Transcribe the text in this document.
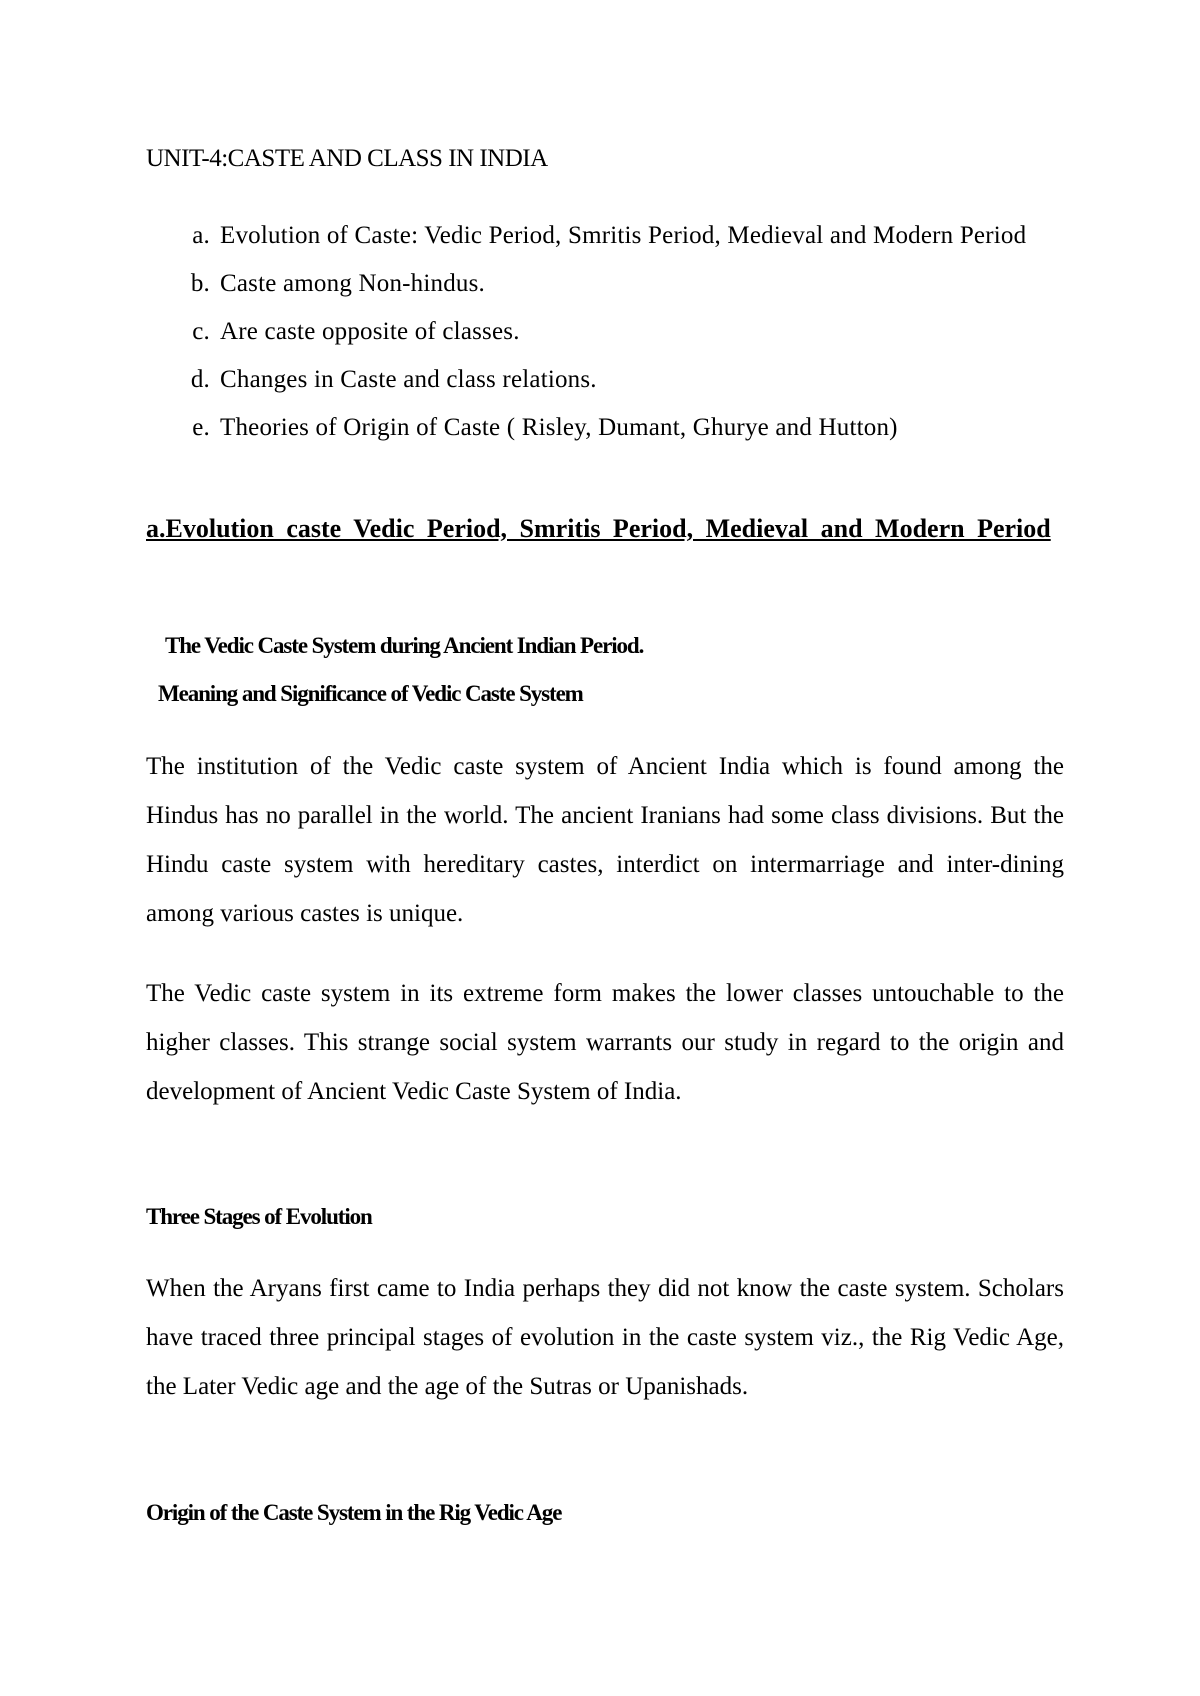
UNIT-4:CASTE AND CLASS IN INDIA
a. Evolution of Caste: Vedic Period, Smritis Period, Medieval and Modern Period
b. Caste among Non-hindus.
c. Are caste opposite of classes.
d. Changes in Caste and class relations.
e. Theories of Origin of Caste ( Risley, Dumant, Ghurye and Hutton)
a.Evolution caste Vedic Period, Smritis Period, Medieval and Modern Period
The Vedic Caste System during Ancient Indian Period.
Meaning and Significance of Vedic Caste System
The institution of the Vedic caste system of Ancient India which is found among the Hindus has no parallel in the world. The ancient Iranians had some class divisions. But the Hindu caste system with hereditary castes, interdict on intermarriage and inter-dining among various castes is unique.
The Vedic caste system in its extreme form makes the lower classes untouchable to the higher classes. This strange social system warrants our study in regard to the origin and development of Ancient Vedic Caste System of India.
Three Stages of Evolution
When the Aryans first came to India perhaps they did not know the caste system. Scholars have traced three principal stages of evolution in the caste system viz., the Rig Vedic Age, the Later Vedic age and the age of the Sutras or Upanishads.
Origin of the Caste System in the Rig Vedic Age
